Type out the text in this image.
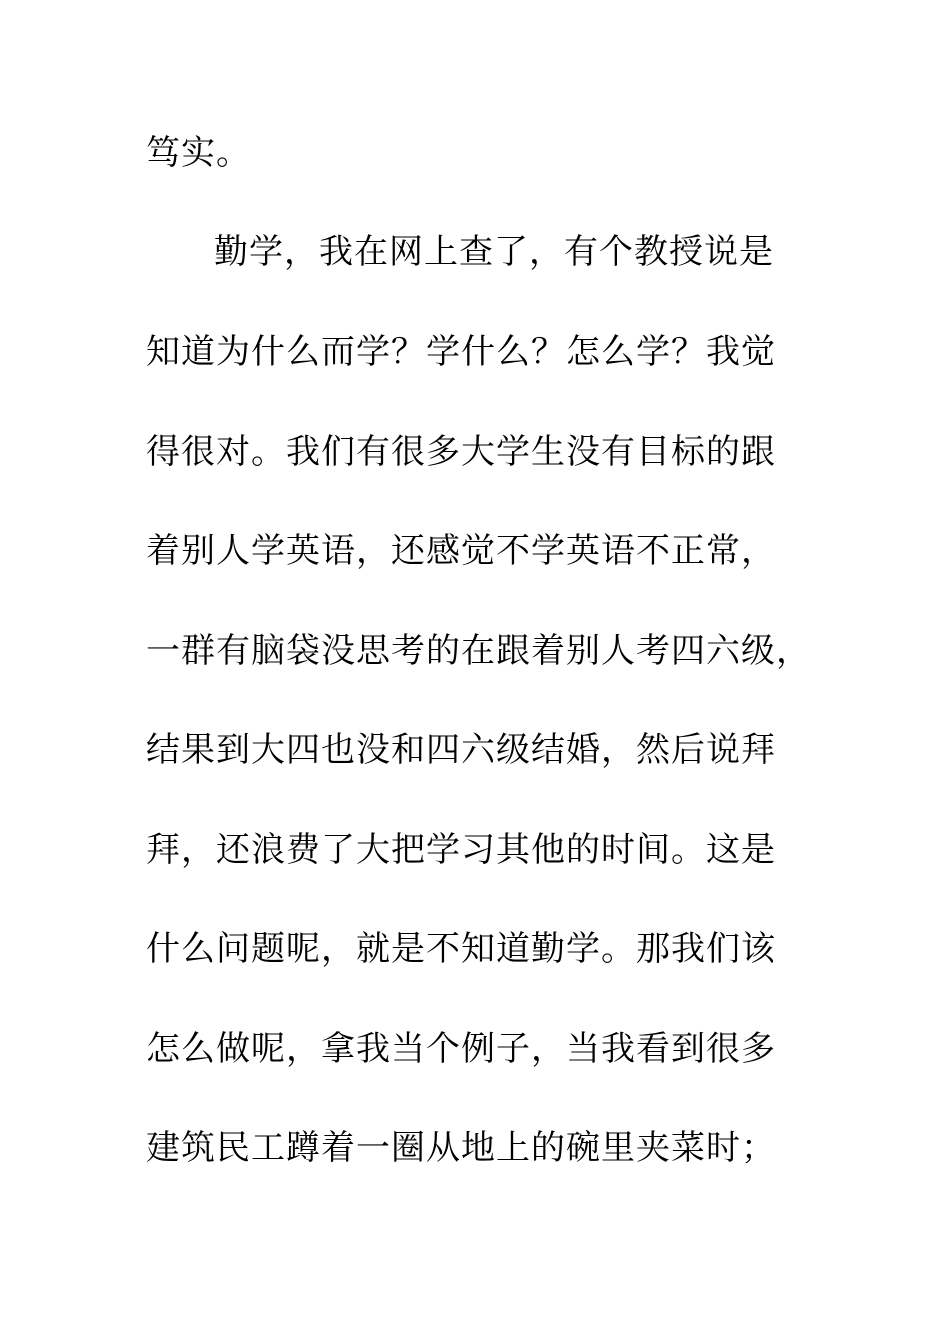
笃实。
勤学，我在网上查了，有个教授说是
知道为什么而学？学什么？怎么学？我觉
得很对。我们有很多大学生没有目标的跟
着别人学英语，还感觉不学英语不正常，
一群有脑袋没思考的在跟着别人考四六级，
结果到大四也没和四六级结婚，然后说拜
拜，还浪费了大把学习其他的时间。这是
什么问题呢，就是不知道勤学。那我们该
怎么做呢，拿我当个例子，当我看到很多
建筑民工蹲着一圈从地上的碗里夹菜时；
